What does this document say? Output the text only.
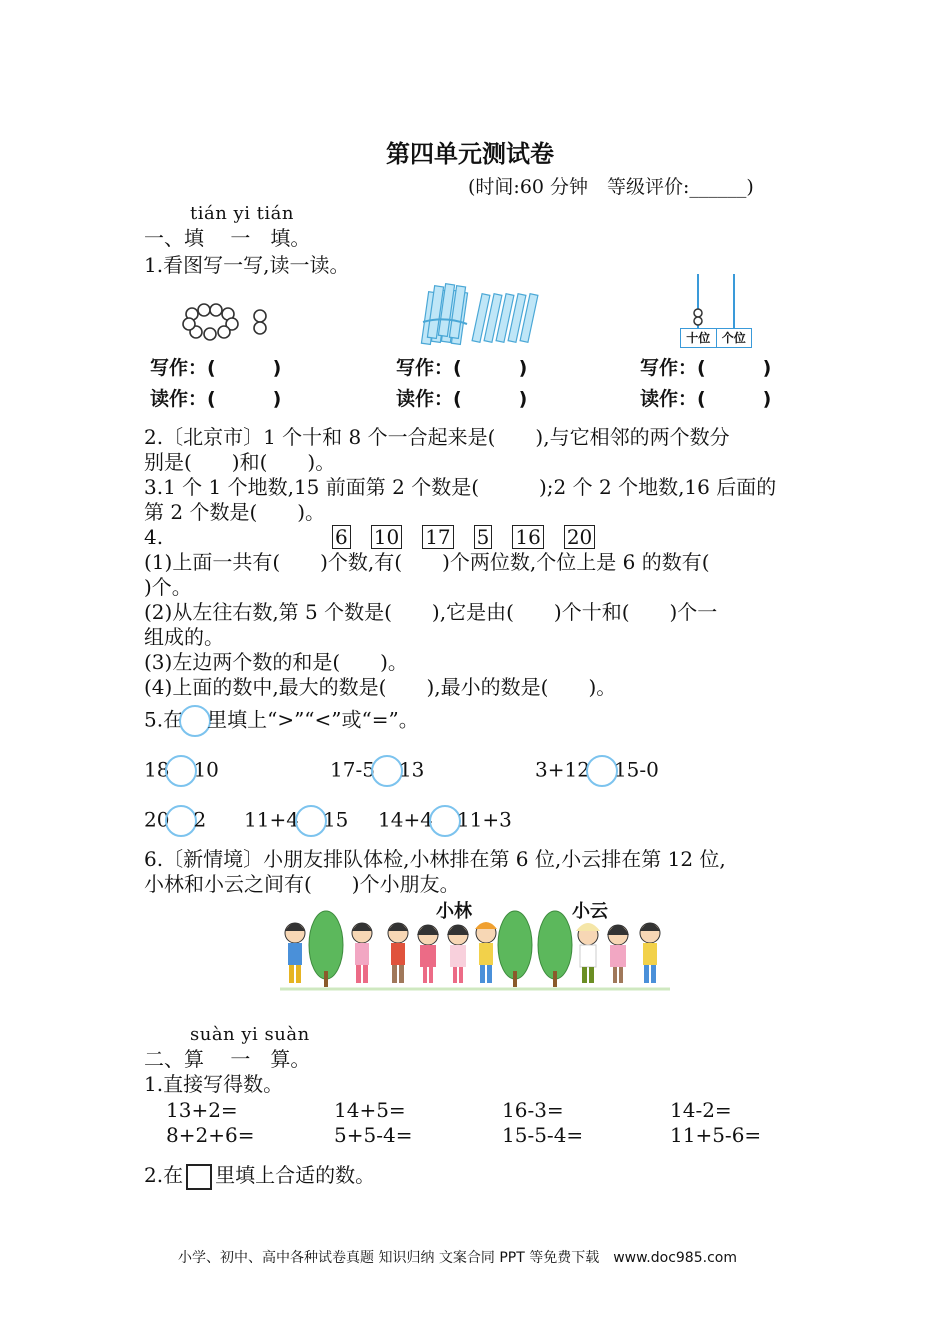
第四单元测试卷
(时间:60 分钟　等级评价:______)
tián yi tián
一、填　 一　填。
1.看图写一写,读一读。
十位 个位
写作：(　　　)	写作：(　　　)	写作：(　　　)
读作：(　　　)	读作：(　　　)	读作：(　　　)
2.〔北京市〕1 个十和 8 个一合起来是(　　),与它相邻的两个数分
别是(　　)和(　　)。
3.1 个 1 个地数,15 前面第 2 个数是(　　　);2 个 2 个地数,16 后面的
第 2 个数是(　　)。
4.	6 10 17 5 16 20
(1)上面一共有(　　)个数,有(　　)个两位数,个位上是 6 的数有(
)个。
(2)从左往右数,第 5 个数是(　　),它是由(　　)个十和(　　)个一
组成的。
(3)左边两个数的和是(　　)。
(4)上面的数中,最大的数是(　　),最小的数是(　　)。
5.在 里填上“>”“<”或“=”。
18 10	17-5 13	3+12 15-0
20 2 11+4 15 14+4 11+3
6.〔新情境〕小朋友排队体检,小林排在第 6 位,小云排在第 12 位,
小林和小云之间有(　　)个小朋友。
小林	小云
suàn yi suàn
二、算　 一　算。
1.直接写得数。
13+2=	14+5=	16-3=	14-2=
8+2+6=	5+5-4=	15-5-4=	11+5-6=
2.在 里填上合适的数。
小学、初中、高中各种试卷真题 知识归纳 文案合同 PPT 等免费下载　www.doc985.com
